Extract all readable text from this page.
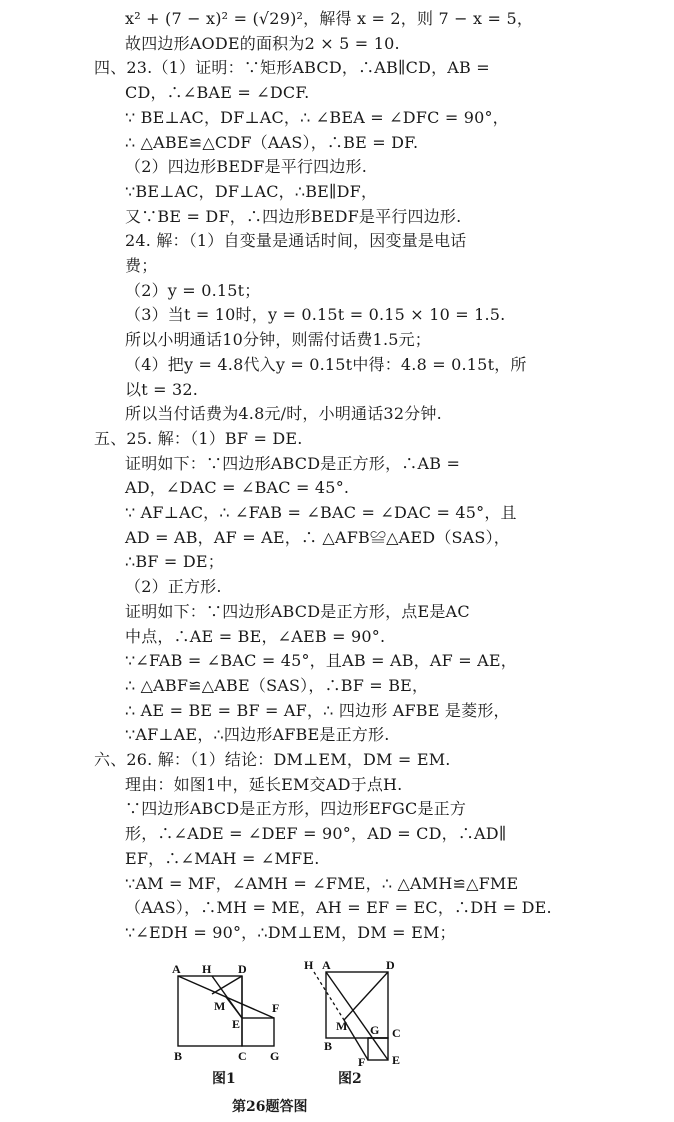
x² + (7 − x)² = (√29)²，解得 x = 2，则 7 − x = 5，
故四边形AODE的面积为2 × 5 = 10.
四、23.（1）证明：∵矩形ABCD，∴AB∥CD，AB =
CD，∴∠BAE = ∠DCF.
∵ BE⊥AC，DF⊥AC，∴ ∠BEA = ∠DFC = 90°，
∴ △ABE≌△CDF（AAS），∴BE = DF.
（2）四边形BEDF是平行四边形.
∵BE⊥AC，DF⊥AC，∴BE∥DF，
又∵BE = DF，∴四边形BEDF是平行四边形.
24. 解：（1）自变量是通话时间，因变量是电话
费；
（2）y = 0.15t；
（3）当t = 10时，y = 0.15t = 0.15 × 10 = 1.5.
所以小明通话10分钟，则需付话费1.5元；
（4）把y = 4.8代入y = 0.15t中得：4.8 = 0.15t，所
以t = 32.
所以当付话费为4.8元/时，小明通话32分钟.
五、25. 解：（1）BF = DE.
证明如下：∵四边形ABCD是正方形，∴AB =
AD，∠DAC = ∠BAC = 45°.
∵ AF⊥AC，∴ ∠FAB = ∠BAC = ∠DAC = 45°，且
AD = AB，AF = AE，∴ △AFB≌△AED（SAS），
∴BF = DE；
（2）正方形.
证明如下：∵四边形ABCD是正方形，点E是AC
中点，∴AE = BE，∠AEB = 90°.
∵∠FAB = ∠BAC = 45°，且AB = AB，AF = AE，
∴ △ABF≌△ABE（SAS），∴BF = BE，
∴ AE = BE = BF = AF，∴ 四边形 AFBE 是菱形，
∵AF⊥AE，∴四边形AFBE是正方形.
六、26. 解：（1）结论：DM⊥EM，DM = EM.
理由：如图1中，延长EM交AD于点H.
∵四边形ABCD是正方形，四边形EFGC是正方
形，∴∠ADE = ∠DEF = 90°，AD = CD，∴AD∥
EF，∴∠MAH = ∠MFE.
∵AM = MF，∠AMH = ∠FME，∴ △AMH≌△FME
（AAS），∴MH = ME，AH = EF = EC，∴DH = DE.
∵∠EDH = 90°，∴DM⊥EM，DM = EM；
A H D
M	F
E
B	C G
H A	D
M G C
B
F E
图1	图2
第26题答图
